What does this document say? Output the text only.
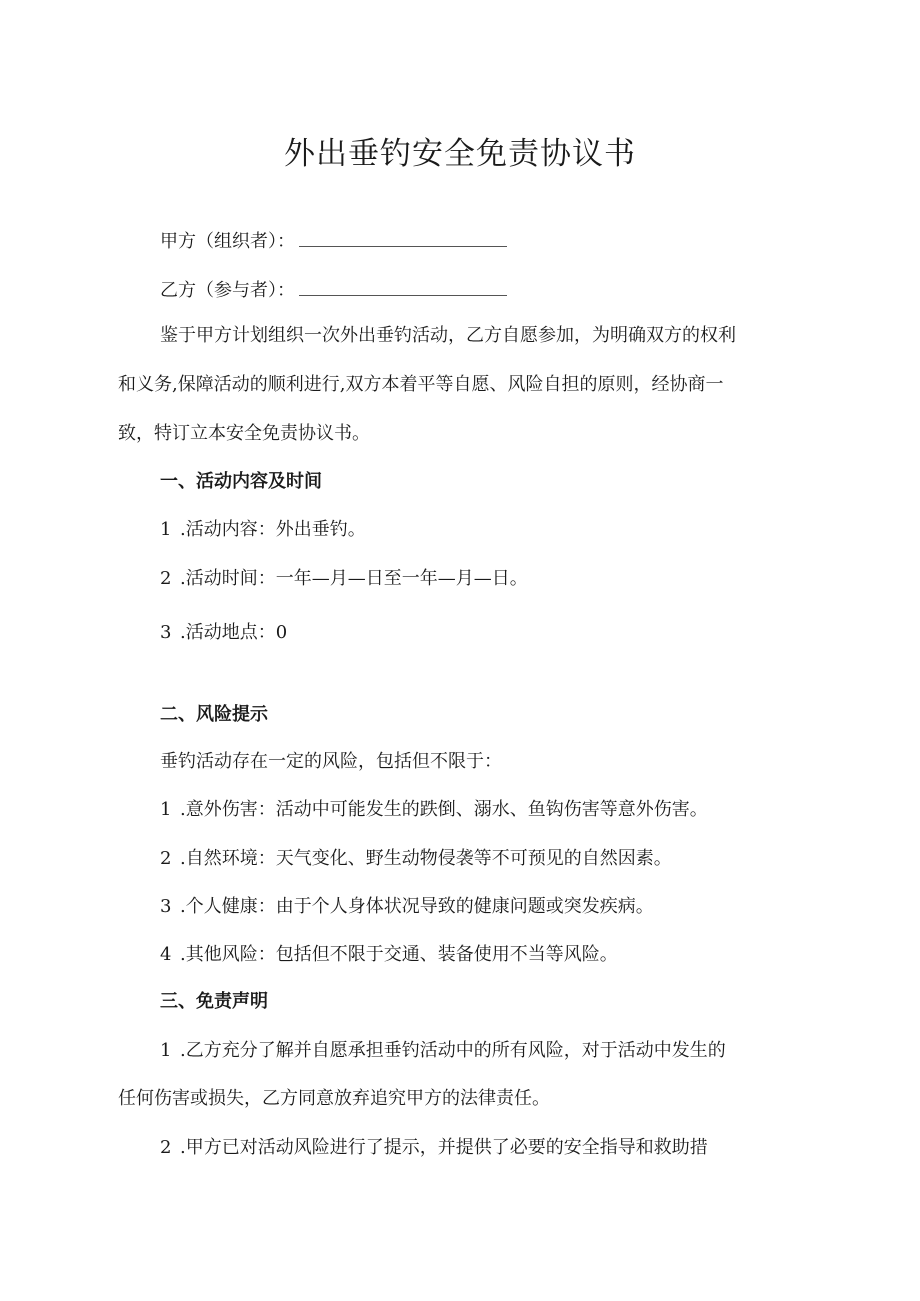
外出垂钓安全免责协议书
甲方（组织者）：
乙方（参与者）：
鉴于甲方计划组织一次外出垂钓活动，乙方自愿参加，为明确双方的权利
和义务,保障活动的顺利进行,双方本着平等自愿、风险自担的原则，经协商一
致，特订立本安全免责协议书。
一、活动内容及时间
1 .活动内容：外出垂钓。
2 .活动时间：一年—月—日至一年—月—日。
3 .活动地点：0
二、风险提示
垂钓活动存在一定的风险，包括但不限于：
1 .意外伤害：活动中可能发生的跌倒、溺水、鱼钩伤害等意外伤害。
2 .自然环境：天气变化、野生动物侵袭等不可预见的自然因素。
3 .个人健康：由于个人身体状况导致的健康问题或突发疾病。
4 .其他风险：包括但不限于交通、装备使用不当等风险。
三、免责声明
1 .乙方充分了解并自愿承担垂钓活动中的所有风险，对于活动中发生的
任何伤害或损失，乙方同意放弃追究甲方的法律责任。
2 .甲方已对活动风险进行了提示，并提供了必要的安全指导和救助措
